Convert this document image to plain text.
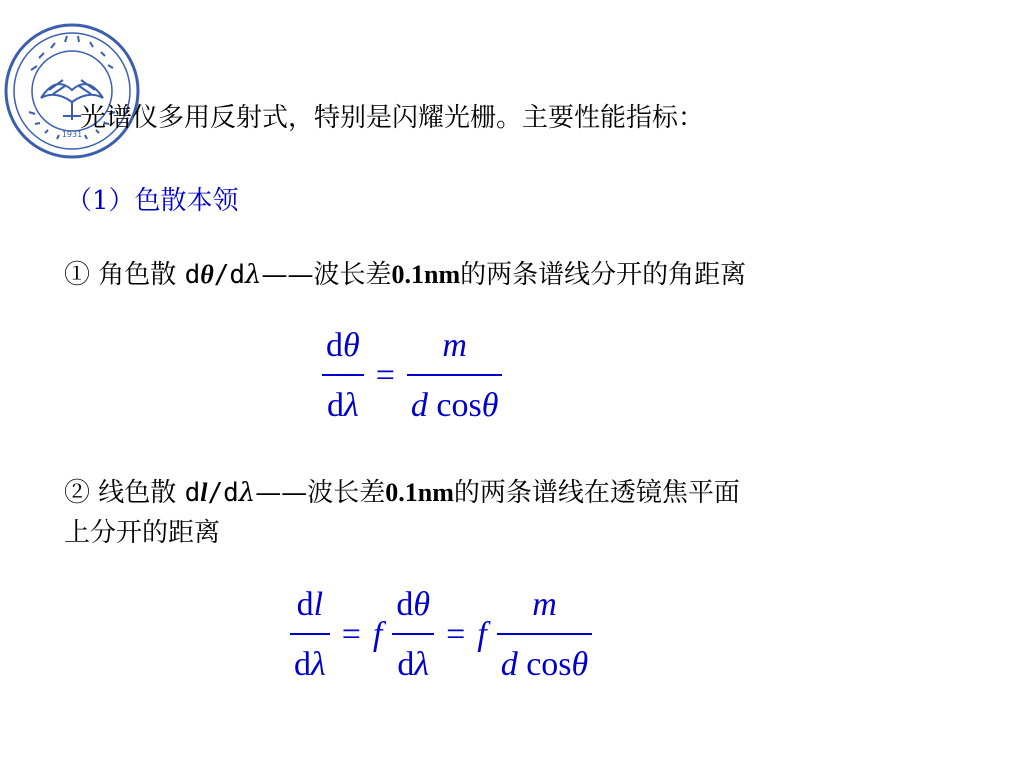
1931
光谱仪多用反射式，特别是闪耀光栅。主要性能指标：
（1）色散本领
① 角色散 dθ/dλ——波长差0.1nm的两条谱线分开的角距离
$\frac{d\theta}{d\lambda} = \frac{m}{\text{d cosθ}}$
② 线色散 dl/dλ——波长差0.1nm的两条谱线在透镜焦平面
上分开的距离
$\frac{dl}{d\lambda} = f \frac{d\theta}{d\lambda} = f \frac{m}{\text{d cosθ}}$
